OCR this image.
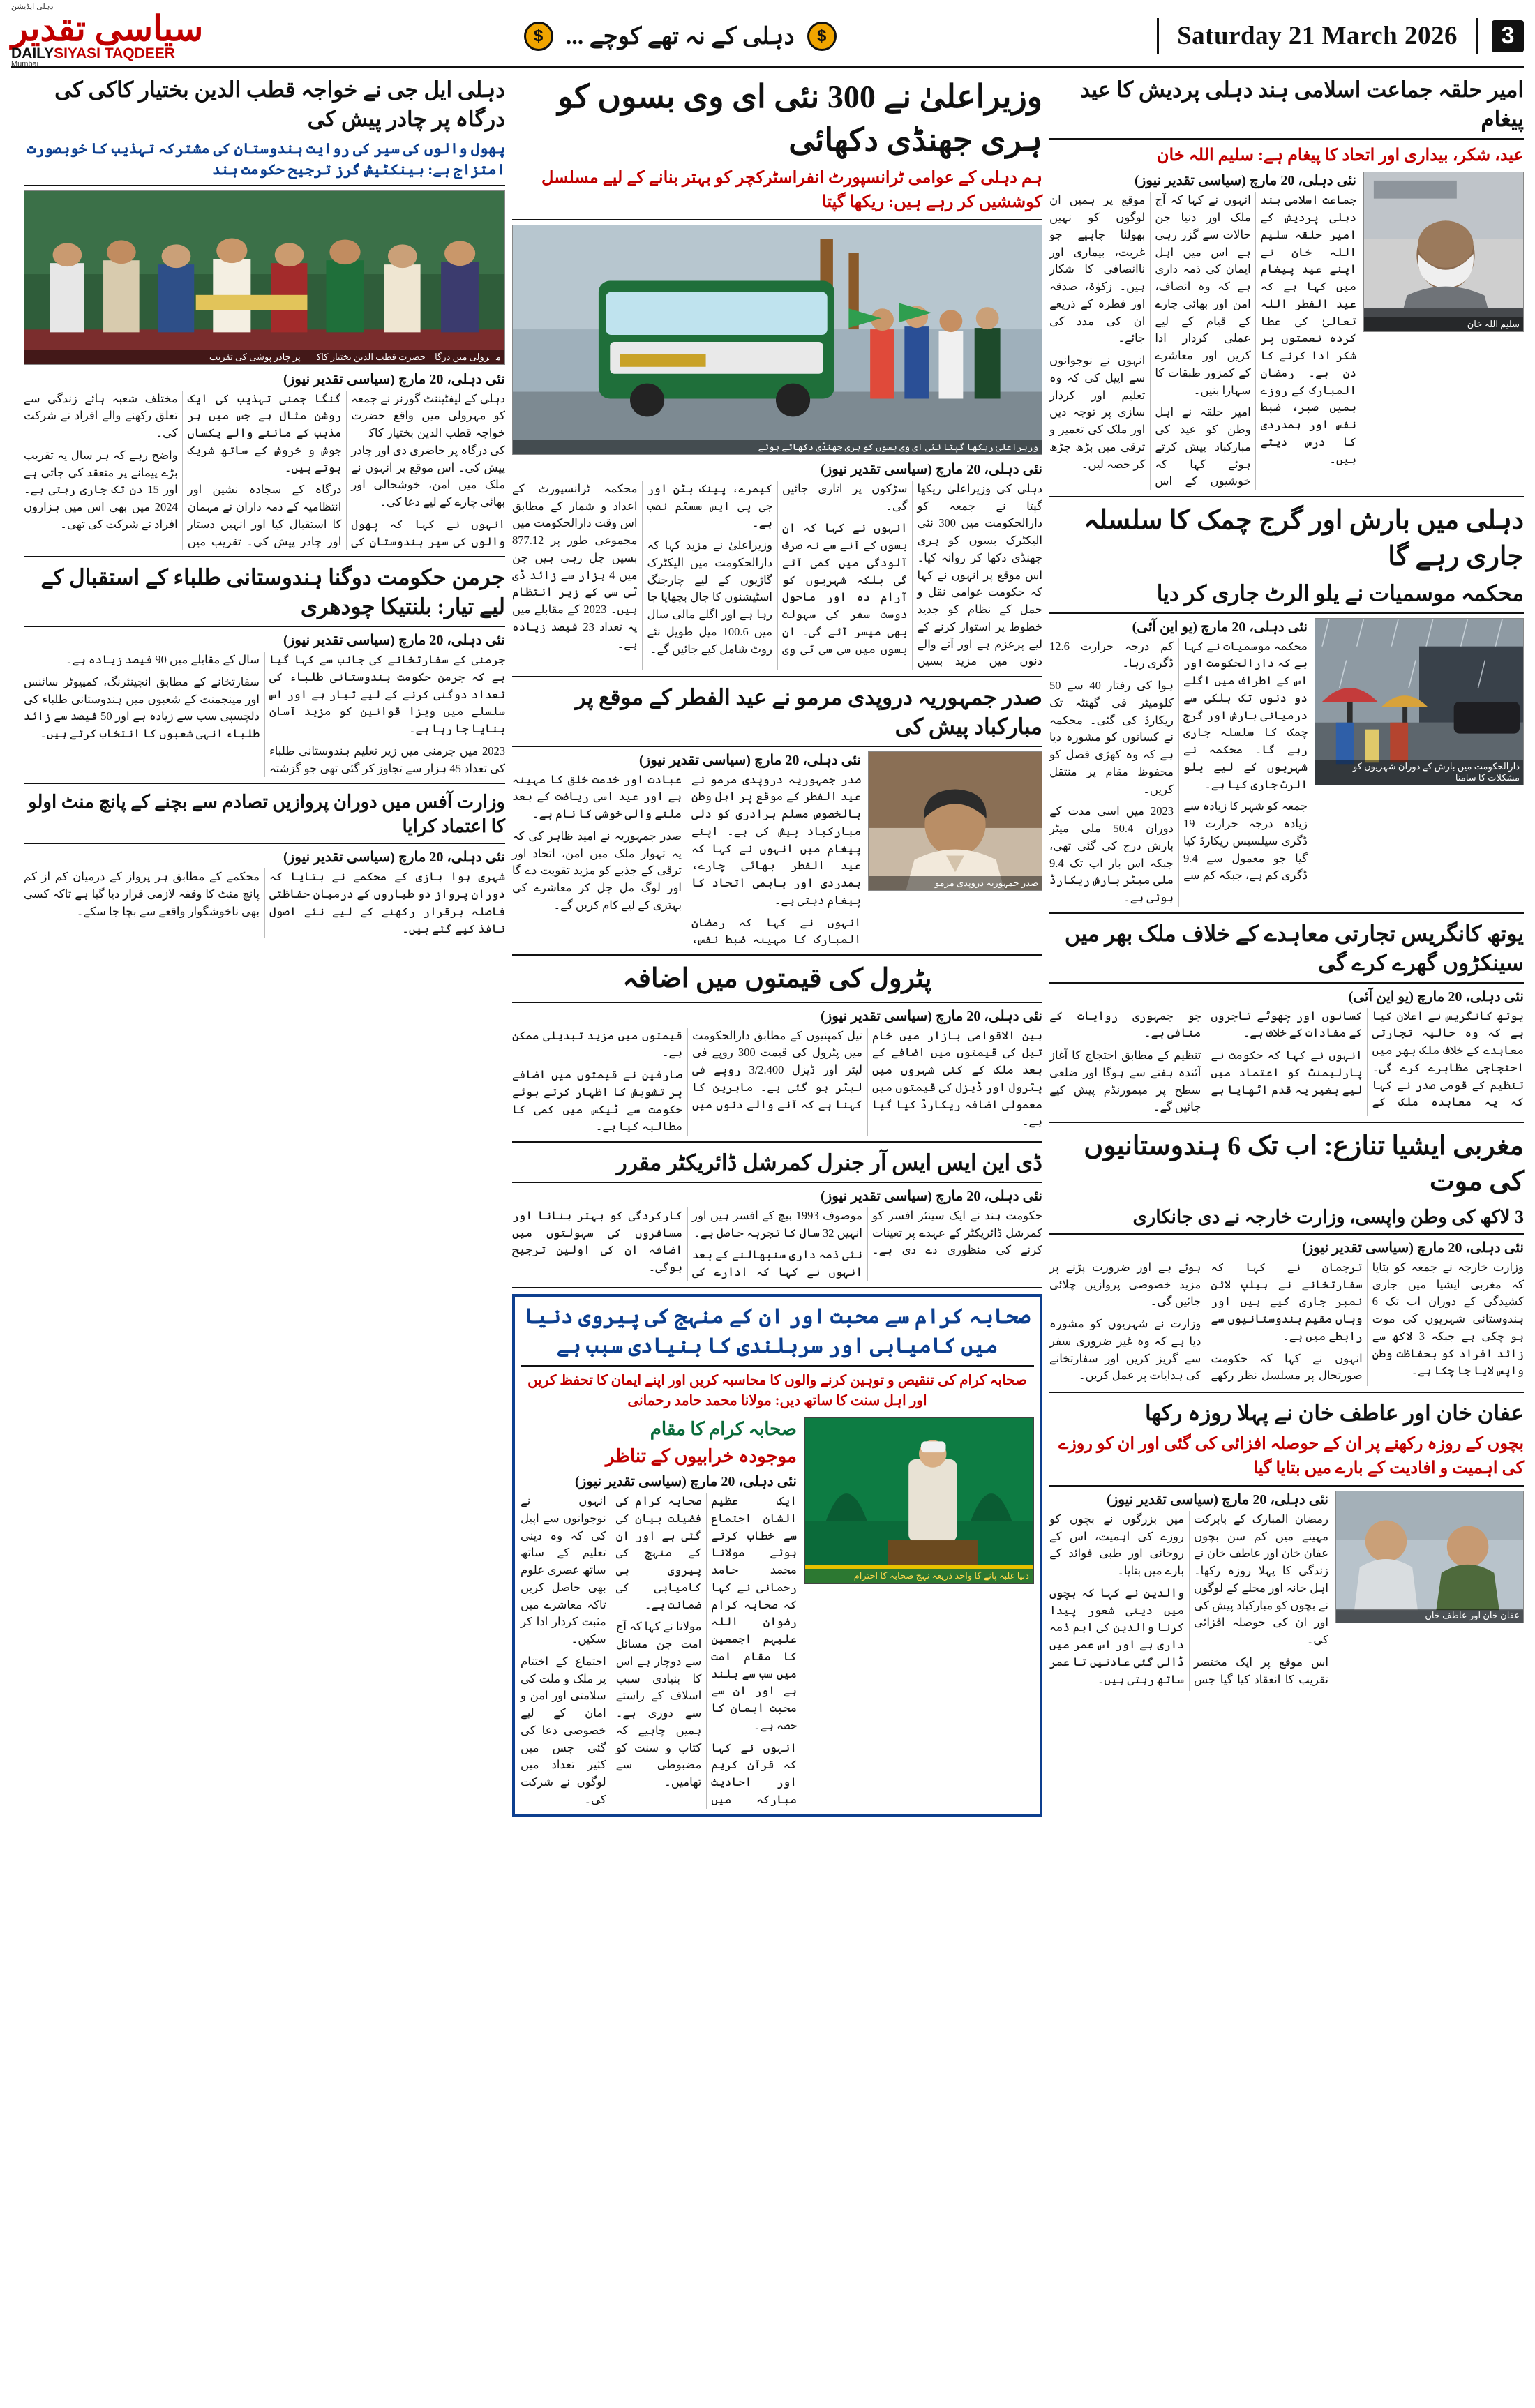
3
Saturday 21 March 2026
$
دہلی کے نہ تھے کوچے ...
$
دہلی ایڈیشن
سیاسی تقدیر
DAILYSIYASI TAQDEER
Mumbai
امیر حلقہ جماعت اسلامی ہند دہلی پردیش کا عید پیغام

عید، شکر، بیداری اور اتحاد کا پیغام ہے: سلیم اللہ خان

سلیم اللہ خان

نئی دہلی، 20 مارچ (سیاسی تقدیر نیوز)

جماعت اسلامی ہند دہلی پردیش کے امیر حلقہ سلیم اللہ خان نے اپنے عید پیغام میں کہا ہے کہ عید الفطر اللہ تعالیٰ کی عطا کردہ نعمتوں پر شکر ادا کرنے کا دن ہے۔ رمضان المبارک کے روزے ہمیں صبر، ضبط نفس اور ہمدردی کا درس دیتے ہیں۔

انہوں نے کہا کہ آج ملک اور دنیا جن حالات سے گزر رہی ہے اس میں اہل ایمان کی ذمہ داری ہے کہ وہ انصاف، امن اور بھائی چارے کے قیام کے لیے عملی کردار ادا کریں اور معاشرے کے کمزور طبقات کا سہارا بنیں۔

امیر حلقہ نے اہل وطن کو عید کی مبارکباد پیش کرتے ہوئے کہا کہ خوشیوں کے اس موقع پر ہمیں ان لوگوں کو نہیں بھولنا چاہیے جو غربت، بیماری اور ناانصافی کا شکار ہیں۔ زکوٰۃ، صدقہ اور فطرہ کے ذریعے ان کی مدد کی جائے۔

انہوں نے نوجوانوں سے اپیل کی کہ وہ تعلیم اور کردار سازی پر توجہ دیں اور ملک کی تعمیر و ترقی میں بڑھ چڑھ کر حصہ لیں۔

دہلی میں بارش اور گرج چمک کا سلسلہ جاری رہے گا
محکمہ موسمیات نے یلو الرٹ جاری کر دیا
دارالحکومت میں بارش کے دوران شہریوں کو مشکلات کا سامنا

نئی دہلی، 20 مارچ (یو این آئی)

محکمہ موسمیات نے کہا ہے کہ دارالحکومت اور اس کے اطراف میں اگلے دو دنوں تک ہلکی سے درمیانی بارش اور گرج چمک کا سلسلہ جاری رہے گا۔ محکمہ نے شہریوں کے لیے یلو الرٹ جاری کیا ہے۔

جمعہ کو شہر کا زیادہ سے زیادہ درجہ حرارت 19 ڈگری سیلسیس ریکارڈ کیا گیا جو معمول سے 9.4 ڈگری کم ہے، جبکہ کم سے کم درجہ حرارت 12.6 ڈگری رہا۔

ہوا کی رفتار 40 سے 50 کلومیٹر فی گھنٹہ تک ریکارڈ کی گئی۔ محکمہ نے کسانوں کو مشورہ دیا ہے کہ وہ کھڑی فصل کو محفوظ مقام پر منتقل کریں۔

2023 میں اسی مدت کے دوران 50.4 ملی میٹر بارش درج کی گئی تھی، جبکہ اس بار اب تک 9.4 ملی میٹر بارش ریکارڈ ہوئی ہے۔

یوتھ کانگریس تجارتی معاہدے کے خلاف ملک بھر میں سینکڑوں گھرے کرے گی

نئی دہلی، 20 مارچ (یو این آئی)

یوتھ کانگریس نے اعلان کیا ہے کہ وہ حالیہ تجارتی معاہدے کے خلاف ملک بھر میں احتجاجی مظاہرے کرے گی۔ تنظیم کے قومی صدر نے کہا کہ یہ معاہدہ ملک کے کسانوں اور چھوٹے تاجروں کے مفادات کے خلاف ہے۔

انہوں نے کہا کہ حکومت نے پارلیمنٹ کو اعتماد میں لیے بغیر یہ قدم اٹھایا ہے جو جمہوری روایات کے منافی ہے۔

تنظیم کے مطابق احتجاج کا آغاز آئندہ ہفتے سے ہوگا اور ضلعی سطح پر میمورنڈم پیش کیے جائیں گے۔

مغربی ایشیا تنازع: اب تک 6 ہندوستانیوں کی موت
3 لاکھ کی وطن واپسی، وزارت خارجہ نے دی جانکاری

نئی دہلی، 20 مارچ (سیاسی تقدیر نیوز)

وزارت خارجہ نے جمعہ کو بتایا کہ مغربی ایشیا میں جاری کشیدگی کے دوران اب تک 6 ہندوستانی شہریوں کی موت ہو چکی ہے جبکہ 3 لاکھ سے زائد افراد کو بحفاظت وطن واپس لایا جا چکا ہے۔

ترجمان نے کہا کہ سفارتخانے نے ہیلپ لائن نمبر جاری کیے ہیں اور وہاں مقیم ہندوستانیوں سے رابطے میں ہے۔

انہوں نے کہا کہ حکومت صورتحال پر مسلسل نظر رکھے ہوئے ہے اور ضرورت پڑنے پر مزید خصوصی پروازیں چلائی جائیں گی۔

وزارت نے شہریوں کو مشورہ دیا ہے کہ وہ غیر ضروری سفر سے گریز کریں اور سفارتخانے کی ہدایات پر عمل کریں۔

عفان خان اور عاطف خان نے پہلا روزہ رکھا

بچوں کے روزہ رکھنے پر ان کے حوصلہ افزائی کی گئی اور ان کو روزے کی اہمیت و افادیت کے بارے میں بتایا گیا

عفان خان اور عاطف خان

نئی دہلی، 20 مارچ (سیاسی تقدیر نیوز)

رمضان المبارک کے بابرکت مہینے میں کم سن بچوں عفان خان اور عاطف خان نے زندگی کا پہلا روزہ رکھا۔ اہل خانہ اور محلے کے لوگوں نے بچوں کو مبارکباد پیش کی اور ان کی حوصلہ افزائی کی۔

اس موقع پر ایک مختصر تقریب کا انعقاد کیا گیا جس میں بزرگوں نے بچوں کو روزے کی اہمیت، اس کے روحانی اور طبی فوائد کے بارے میں بتایا۔

والدین نے کہا کہ بچوں میں دینی شعور پیدا کرنا والدین کی اہم ذمہ داری ہے اور اس عمر میں ڈالی گئی عادتیں تا عمر ساتھ رہتی ہیں۔

وزیراعلیٰ نے 300 نئی ای وی بسوں کو ہری جھنڈی دکھائی

ہم دہلی کے عوامی ٹرانسپورٹ انفراسٹرکچر کو بہتر بنانے کے لیے مسلسل کوششیں کر رہے ہیں: ریکھا گپتا

وزیراعلیٰ ریکھا گپتا نئی ای وی بسوں کو ہری جھنڈی دکھاتے ہوئے

نئی دہلی، 20 مارچ (سیاسی تقدیر نیوز)

دہلی کی وزیراعلیٰ ریکھا گپتا نے جمعہ کو دارالحکومت میں 300 نئی الیکٹرک بسوں کو ہری جھنڈی دکھا کر روانہ کیا۔ اس موقع پر انہوں نے کہا کہ حکومت عوامی نقل و حمل کے نظام کو جدید خطوط پر استوار کرنے کے لیے پرعزم ہے اور آنے والے دنوں میں مزید بسیں سڑکوں پر اتاری جائیں گی۔

انہوں نے کہا کہ ان بسوں کے آنے سے نہ صرف آلودگی میں کمی آئے گی بلکہ شہریوں کو آرام دہ اور ماحول دوست سفر کی سہولت بھی میسر آئے گی۔ ان بسوں میں سی سی ٹی وی کیمرے، پینک بٹن اور جی پی ایس سسٹم نصب ہے۔

وزیراعلیٰ نے مزید کہا کہ دارالحکومت میں الیکٹرک گاڑیوں کے لیے چارجنگ اسٹیشنوں کا جال بچھایا جا رہا ہے اور اگلے مالی سال میں 100.6 میل طویل نئے روٹ شامل کیے جائیں گے۔

محکمہ ٹرانسپورٹ کے اعداد و شمار کے مطابق اس وقت دارالحکومت میں مجموعی طور پر 877.12 بسیں چل رہی ہیں جن میں 4 ہزار سے زائد ڈی ٹی سی کے زیر انتظام ہیں۔ 2023 کے مقابلے میں یہ تعداد 23 فیصد زیادہ ہے۔

صدر جمہوریہ دروپدی مرمو نے عید الفطر کے موقع پر مبارکباد پیش کی
صدر جمہوریہ دروپدی مرمو

نئی دہلی، 20 مارچ (سیاسی تقدیر نیوز)

صدر جمہوریہ دروپدی مرمو نے عید الفطر کے موقع پر اہل وطن بالخصوص مسلم برادری کو دلی مبارکباد پیش کی ہے۔ اپنے پیغام میں انہوں نے کہا کہ عید الفطر بھائی چارے، ہمدردی اور باہمی اتحاد کا پیغام دیتی ہے۔

انہوں نے کہا کہ رمضان المبارک کا مہینہ ضبط نفس، عبادت اور خدمت خلق کا مہینہ ہے اور عید اسی ریاضت کے بعد ملنے والی خوشی کا نام ہے۔

صدر جمہوریہ نے امید ظاہر کی کہ یہ تہوار ملک میں امن، اتحاد اور ترقی کے جذبے کو مزید تقویت دے گا اور لوگ مل جل کر معاشرے کی بہتری کے لیے کام کریں گے۔

پٹرول کی قیمتوں میں اضافہ

نئی دہلی، 20 مارچ (سیاسی تقدیر نیوز)

بین الاقوامی بازار میں خام تیل کی قیمتوں میں اضافے کے بعد ملک کے کئی شہروں میں پٹرول اور ڈیزل کی قیمتوں میں معمولی اضافہ ریکارڈ کیا گیا ہے۔

تیل کمپنیوں کے مطابق دارالحکومت میں پٹرول کی قیمت 300 روپے فی لیٹر اور ڈیزل 3/2.400 روپے فی لیٹر ہو گئی ہے۔ ماہرین کا کہنا ہے کہ آنے والے دنوں میں قیمتوں میں مزید تبدیلی ممکن ہے۔

صارفین نے قیمتوں میں اضافے پر تشویش کا اظہار کرتے ہوئے حکومت سے ٹیکس میں کمی کا مطالبہ کیا ہے۔

ڈی این ایس ایس آر جنرل کمرشل ڈائریکٹر مقرر

نئی دہلی، 20 مارچ (سیاسی تقدیر نیوز)

حکومت ہند نے ایک سینئر افسر کو کمرشل ڈائریکٹر کے عہدے پر تعینات کرنے کی منظوری دے دی ہے۔ موصوف 1993 بیچ کے افسر ہیں اور انہیں 32 سال کا تجربہ حاصل ہے۔

نئی ذمہ داری سنبھالنے کے بعد انہوں نے کہا کہ ادارے کی کارکردگی کو بہتر بنانا اور مسافروں کی سہولتوں میں اضافہ ان کی اولین ترجیح ہوگی۔

صحابہ کرام سے محبت اور ان کے منہج کی پیروی دنیا میں کامیابی اور سربلندی کا بنیادی سبب ہے

صحابہ کرام کی تنقیص و توہین کرنے والوں کا محاسبہ کریں اور اپنے ایمان کا تحفظ کریں اور اہل سنت کا ساتھ دیں: مولانا محمد حامد رحمانی

دنیا غلبہ پانے کا واحد ذریعہ نہج صحابہ کا احترام

صحابہ کرام کا مقام

موجودہ خرابیوں کے تناظر

نئی دہلی، 20 مارچ (سیاسی تقدیر نیوز)

ایک عظیم الشان اجتماع سے خطاب کرتے ہوئے مولانا محمد حامد رحمانی نے کہا کہ صحابہ کرام رضوان اللہ علیہم اجمعین کا مقام امت میں سب سے بلند ہے اور ان سے محبت ایمان کا حصہ ہے۔

انہوں نے کہا کہ قرآن کریم اور احادیث مبارکہ میں صحابہ کرام کی فضیلت بیان کی گئی ہے اور ان کے منہج کی پیروی ہی کامیابی کی ضمانت ہے۔

مولانا نے کہا کہ آج امت جن مسائل سے دوچار ہے اس کا بنیادی سبب اسلاف کے راستے سے دوری ہے۔ ہمیں چاہیے کہ کتاب و سنت کو مضبوطی سے تھامیں۔

انہوں نے نوجوانوں سے اپیل کی کہ وہ دینی تعلیم کے ساتھ ساتھ عصری علوم بھی حاصل کریں تاکہ معاشرے میں مثبت کردار ادا کر سکیں۔

اجتماع کے اختتام پر ملک و ملت کی سلامتی اور امن و امان کے لیے خصوصی دعا کی گئی جس میں کثیر تعداد میں لوگوں نے شرکت کی۔

دہلی ایل جی نے خواجہ قطب الدین بختیار کاکی کی درگاہ پر چادر پیش کی

پھول والوں کی سیر کی روایت ہندوستان کی مشترکہ تہذیب کا خوبصورت امتزاج ہے: بینکٹیش گرز ترجیح حکومت ہند

مہرولی میں درگاہ حضرت قطب الدین بختیار کاکیؒ پر چادر پوشی کی تقریب

نئی دہلی، 20 مارچ (سیاسی تقدیر نیوز)

دہلی کے لیفٹیننٹ گورنر نے جمعہ کو مہرولی میں واقع حضرت خواجہ قطب الدین بختیار کاکیؒ کی درگاہ پر حاضری دی اور چادر پیش کی۔ اس موقع پر انہوں نے ملک میں امن، خوشحالی اور بھائی چارے کے لیے دعا کی۔

انہوں نے کہا کہ پھول والوں کی سیر ہندوستان کی گنگا جمنی تہذیب کی ایک روشن مثال ہے جس میں ہر مذہب کے ماننے والے یکساں جوش و خروش کے ساتھ شریک ہوتے ہیں۔

درگاہ کے سجادہ نشین اور انتظامیہ کے ذمہ داران نے مہمان کا استقبال کیا اور انہیں دستار اور چادر پیش کی۔ تقریب میں مختلف شعبہ ہائے زندگی سے تعلق رکھنے والے افراد نے شرکت کی۔

واضح رہے کہ ہر سال یہ تقریب بڑے پیمانے پر منعقد کی جاتی ہے اور 15 دن تک جاری رہتی ہے۔ 2024 میں بھی اس میں ہزاروں افراد نے شرکت کی تھی۔

جرمن حکومت دوگنا ہندوستانی طلباء کے استقبال کے لیے تیار: بلنتیکا چودھری

نئی دہلی، 20 مارچ (سیاسی تقدیر نیوز)

جرمنی کے سفارتخانے کی جانب سے کہا گیا ہے کہ جرمن حکومت ہندوستانی طلباء کی تعداد دوگنی کرنے کے لیے تیار ہے اور اس سلسلے میں ویزا قوانین کو مزید آسان بنایا جا رہا ہے۔

2023 میں جرمنی میں زیر تعلیم ہندوستانی طلباء کی تعداد 45 ہزار سے تجاوز کر گئی تھی جو گزشتہ سال کے مقابلے میں 90 فیصد زیادہ ہے۔

سفارتخانے کے مطابق انجینئرنگ، کمپیوٹر سائنس اور مینجمنٹ کے شعبوں میں ہندوستانی طلباء کی دلچسپی سب سے زیادہ ہے اور 50 فیصد سے زائد طلباء انہی شعبوں کا انتخاب کرتے ہیں۔

وزارت آفس میں دوران پروازیں تصادم سے بچنے کے پانچ منٹ اولو کا اعتماد کرایا

نئی دہلی، 20 مارچ (سیاسی تقدیر نیوز)

شہری ہوا بازی کے محکمے نے بتایا کہ دوران پرواز دو طیاروں کے درمیان حفاظتی فاصلہ برقرار رکھنے کے لیے نئے اصول نافذ کیے گئے ہیں۔

محکمے کے مطابق ہر پرواز کے درمیان کم از کم پانچ منٹ کا وقفہ لازمی قرار دیا گیا ہے تاکہ کسی بھی ناخوشگوار واقعے سے بچا جا سکے۔
